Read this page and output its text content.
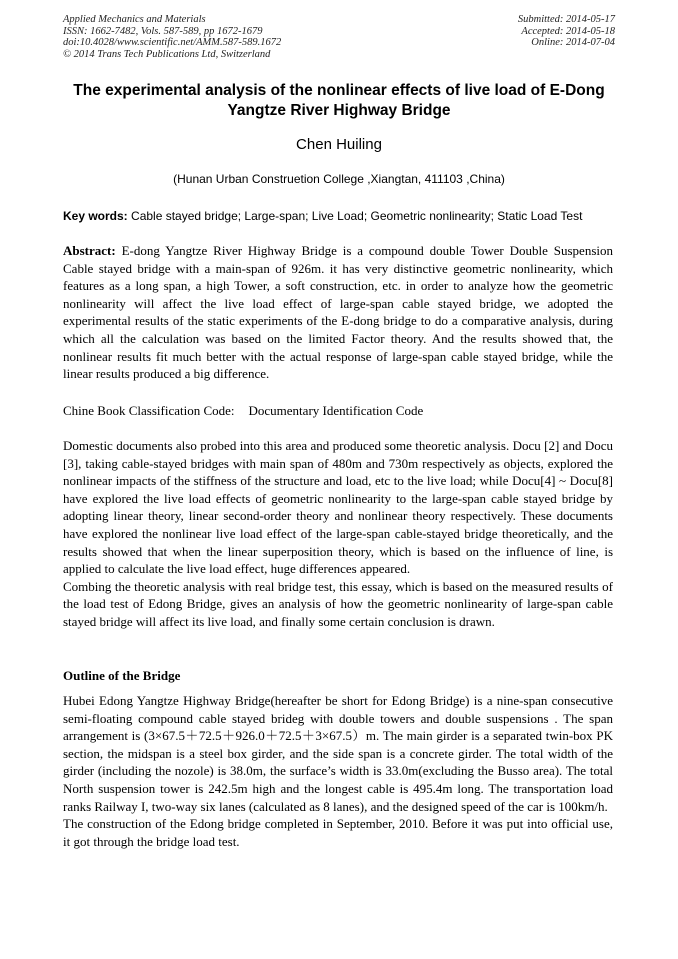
Applied Mechanics and Materials
ISSN: 1662-7482, Vols. 587-589, pp 1672-1679
doi:10.4028/www.scientific.net/AMM.587-589.1672
© 2014 Trans Tech Publications Ltd, Switzerland
Submitted: 2014-05-17
Accepted: 2014-05-18
Online: 2014-07-04
The experimental analysis of the nonlinear effects of live load of E-Dong
Yangtze River Highway Bridge
Chen Huiling
(Hunan Urban Construetion College ,Xiangtan, 411103 ,China)
Key words: Cable stayed bridge; Large-span; Live Load; Geometric nonlinearity; Static Load Test

Abstract: E-dong Yangtze River Highway Bridge is a compound double Tower Double Suspension Cable stayed bridge with a main-span of 926m. it has very distinctive geometric nonlinearity, which features as a long span, a high Tower, a soft construction, etc. in order to analyze how the geometric nonlinearity will affect the live load effect of large-span cable stayed bridge, we adopted the experimental results of the static experiments of the E-dong bridge to do a comparative analysis, during which all the calculation was based on the limited Factor theory. And the results showed that, the nonlinear results fit much better with the actual response of large-span cable stayed bridge, while the linear results produced a big difference.

Chine Book Classification Code: Documentary Identification Code

Domestic documents also probed into this area and produced some theoretic analysis. Docu [2] and Docu [3], taking cable-stayed bridges with main span of 480m and 730m respectively as objects, explored the nonlinear impacts of the stiffness of the structure and load, etc to the live load; while Docu[4] ~ Docu[8] have explored the live load effects of geometric nonlinearity to the large-span cable stayed bridge by adopting linear theory, linear second-order theory and nonlinear theory respectively. These documents have explored the nonlinear live load effect of the large-span cable-stayed bridge theoretically, and the results showed that when the linear superposition theory, which is based on the influence of line, is applied to calculate the live load effect, huge differences appeared.

Combing the theoretic analysis with real bridge test, this essay, which is based on the measured results of the load test of Edong Bridge, gives an analysis of how the geometric nonlinearity of large-span cable stayed bridge will affect its live load, and finally some certain conclusion is drawn.

Outline of the Bridge

Hubei Edong Yangtze Highway Bridge(hereafter be short for Edong Bridge) is a nine-span consecutive semi-floating compound cable stayed brideg with double towers and double suspensions . The span arrangement is (3×67.5＋72.5＋926.0＋72.5＋3×67.5）m. The main girder is a separated twin-box PK section, the midspan is a steel box girder, and the side span is a concrete girder. The total width of the girder (including the nozole) is 38.0m, the surface’s width is 33.0m(excluding the Busso area). The total North suspension tower is 242.5m high and the longest cable is 495.4m long. The transportation load ranks Railway I, two-way six lanes (calculated as 8 lanes), and the designed speed of the car is 100km/h.

The construction of the Edong bridge completed in September, 2010. Before it was put into official use, it got through the bridge load test.
